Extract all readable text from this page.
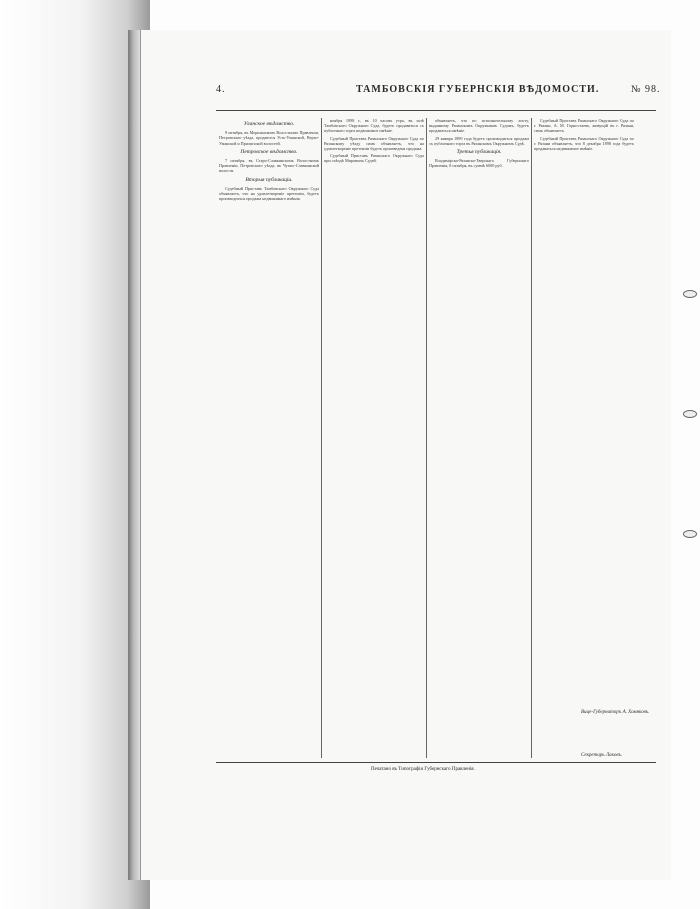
4.	ТАМБОВСКІЯ ГУБЕРНСКІЯ ВѢДОМОСТИ.	№ 98.
Уланское вѣдомство.

9 октября, въ Моршанскомъ Волостномъ Правленіи, Петровскаго уѣзда, продаются Усть-Уманской, Верхо-Уманской и Прилипской волостей.

Петровское вѣдомство.

7 октября, въ Старо-Славкинскомъ Волостномъ Правленіи, Петровскаго уѣзда, въ Чуппо-Славкинской волости.

Вторыя публикаціи.

Судебный Приставъ Тамбовскаго Окружнаго Суда объявляетъ, что на удовлетвореніе претензіи, будетъ производиться продажа недвижимаго имѣнія.

ноября 1898 г., въ 10 часовъ утра, въ залѣ Тамбовскаго Окружнаго Суда, будетъ продаваться съ публичнаго торга недвижимое имѣніе.

Судебный Приставъ Рязанскаго Окружнаго Суда по Рязанскому уѣзду симъ объявляетъ, что на удовлетвореніе претензіи будетъ произведена продажа.

Судебный Приставъ Рязанскаго Окружнаго Суда при съѣздѣ Мировыхъ Судей.

объявляетъ, что по исполнительному листу, выданному Рязанскимъ Окружнымъ Судомъ, будетъ продаваться имѣніе.

29 января 1899 года будетъ производиться продажа съ публичнаго торга въ Рязанскомъ Окружномъ Судѣ.

Третья публикація.

Владимірско-Рязанско-Тверскаго Губернскаго Правленія, 8 октября, въ суммѣ 6000 руб.

Судебный Приставъ Рязанскаго Окружнаго Суда по г. Рязани, А. М. Горностаевъ, живущій въ г. Рязани, симъ объявляетъ.

Судебный Приставъ Рязанскаго Окружнаго Суда по г. Рязани объявляетъ, что 8 декабря 1898 года будетъ продаваться недвижимое имѣніе.

Вице-Губернаторъ А. Хомяковъ.
Секретарь Лаковъ.
Печатано въ Типографіи Губернскаго Правленія.
